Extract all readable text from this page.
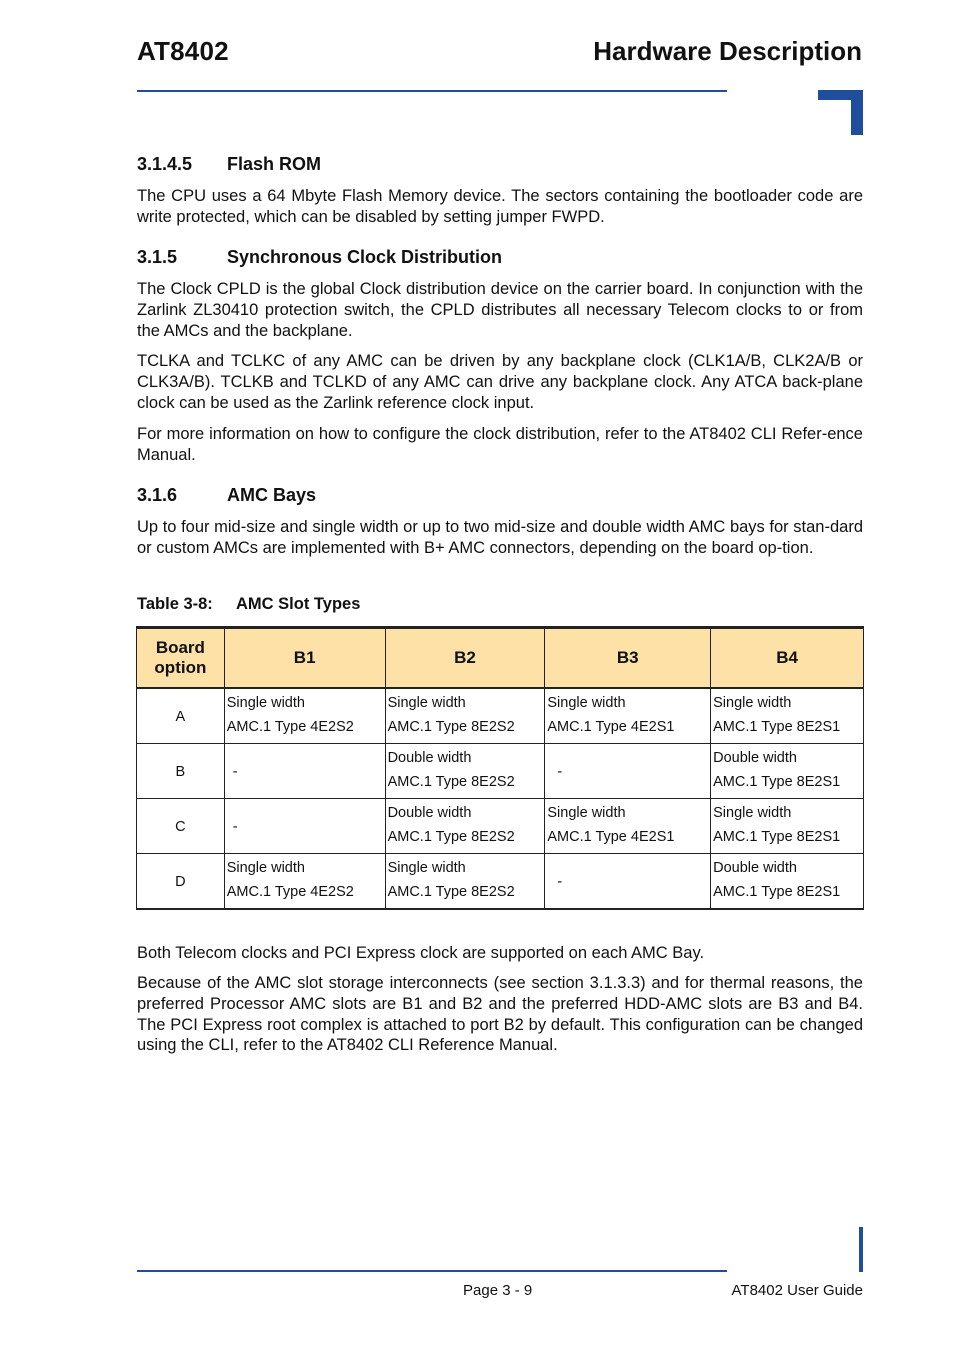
AT8402	Hardware Description
3.1.4.5 Flash ROM

The CPU uses a 64 Mbyte Flash Memory device. The sectors containing the bootloader code are write protected, which can be disabled by setting jumper FWPD.

3.1.5	Synchronous Clock Distribution

The Clock CPLD is the global Clock distribution device on the carrier board. In conjunction with the Zarlink ZL30410 protection switch, the CPLD distributes all necessary Telecom clocks to or from the AMCs and the backplane.

TCLKA and TCLKC of any AMC can be driven by any backplane clock (CLK1A/B, CLK2A/B or CLK3A/B). TCLKB and TCLKD of any AMC can drive any backplane clock. Any ATCA back-plane clock can be used as the Zarlink reference clock input.

For more information on how to configure the clock distribution, refer to the AT8402 CLI Refer-ence Manual.

3.1.6	AMC Bays

Up to four mid-size and single width or up to two mid-size and double width AMC bays for stan-dard or custom AMCs are implemented with B+ AMC connectors, depending on the board op-tion.

Table 3-8: AMC Slot Types
Board
option	B1	B2	B3	B4
A	Single width
AMC.1 Type 4E2S2	Single width
AMC.1 Type 8E2S2	Single width
AMC.1 Type 4E2S1	Single width
AMC.1 Type 8E2S1

B	-	Double width
AMC.1 Type 8E2S2	-	Double width
AMC.1 Type 8E2S1

C	-	Double width
AMC.1 Type 8E2S2	Single width
AMC.1 Type 4E2S1	Single width
AMC.1 Type 8E2S1

D	Single width
AMC.1 Type 4E2S2	Single width
AMC.1 Type 8E2S2	-	Double width
AMC.1 Type 8E2S1

Both Telecom clocks and PCI Express clock are supported on each AMC Bay.

Because of the AMC slot storage interconnects (see section 3.1.3.3) and for thermal reasons, the preferred Processor AMC slots are B1 and B2 and the preferred HDD-AMC slots are B3 and B4. The PCI Express root complex is attached to port B2 by default. This configuration can be changed using the CLI, refer to the AT8402 CLI Reference Manual.

Page 3 - 9	AT8402 User Guide
